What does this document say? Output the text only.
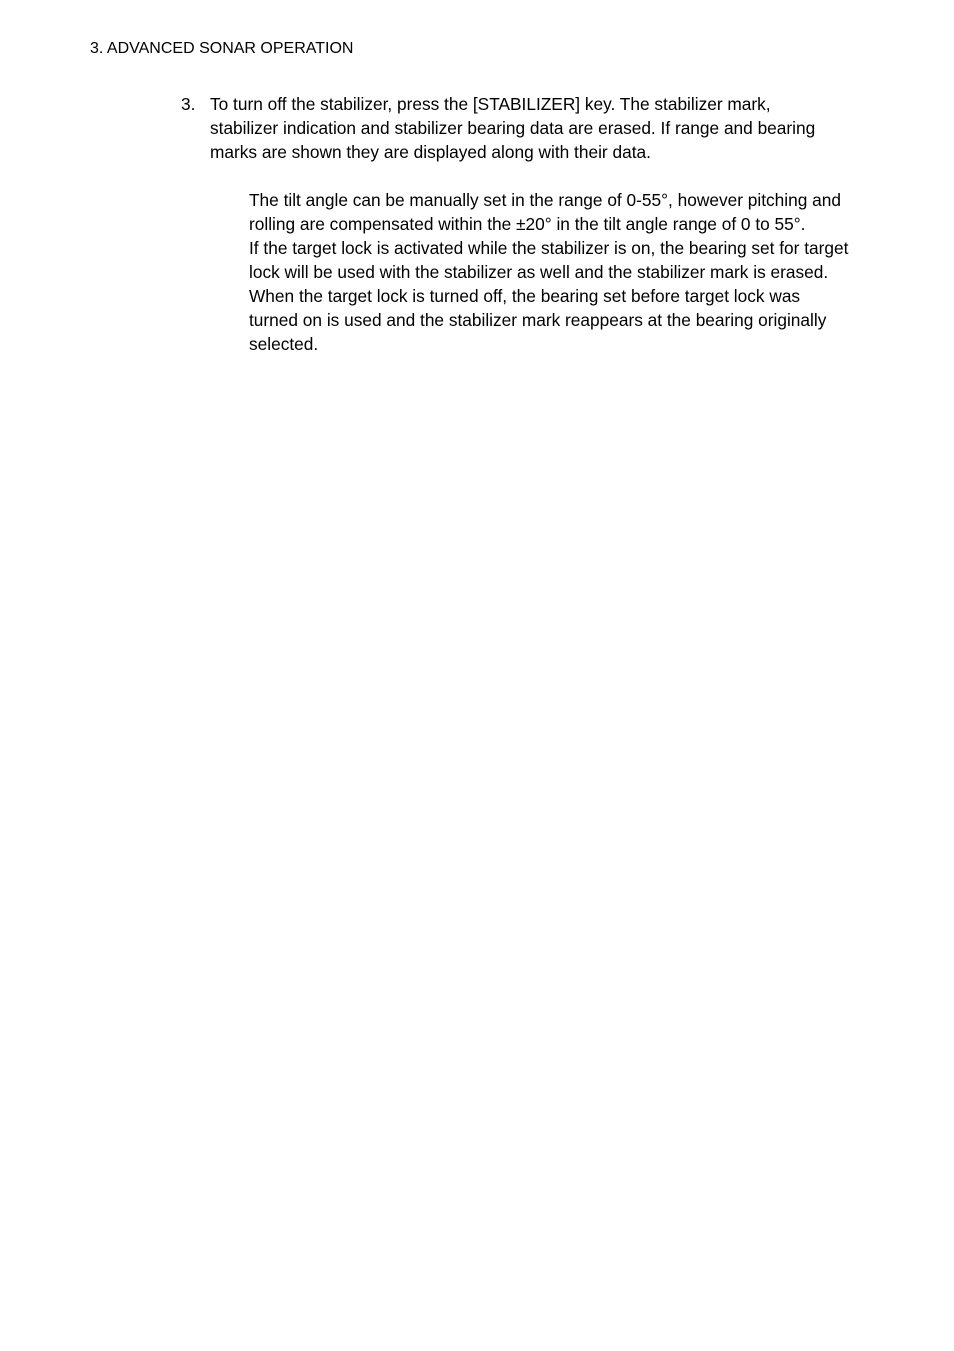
3. ADVANCED SONAR OPERATION
3. To turn off the stabilizer, press the [STABILIZER] key. The stabilizer mark, stabilizer indication and stabilizer bearing data are erased. If range and bearing marks are shown they are displayed along with their data.

The tilt angle can be manually set in the range of 0-55°, however pitching and rolling are compensated within the ±20° in the tilt angle range of 0 to 55°.

If the target lock is activated while the stabilizer is on, the bearing set for target lock will be used with the stabilizer as well and the stabilizer mark is erased. When the target lock is turned off, the bearing set before target lock was turned on is used and the stabilizer mark reappears at the bearing originally selected.
